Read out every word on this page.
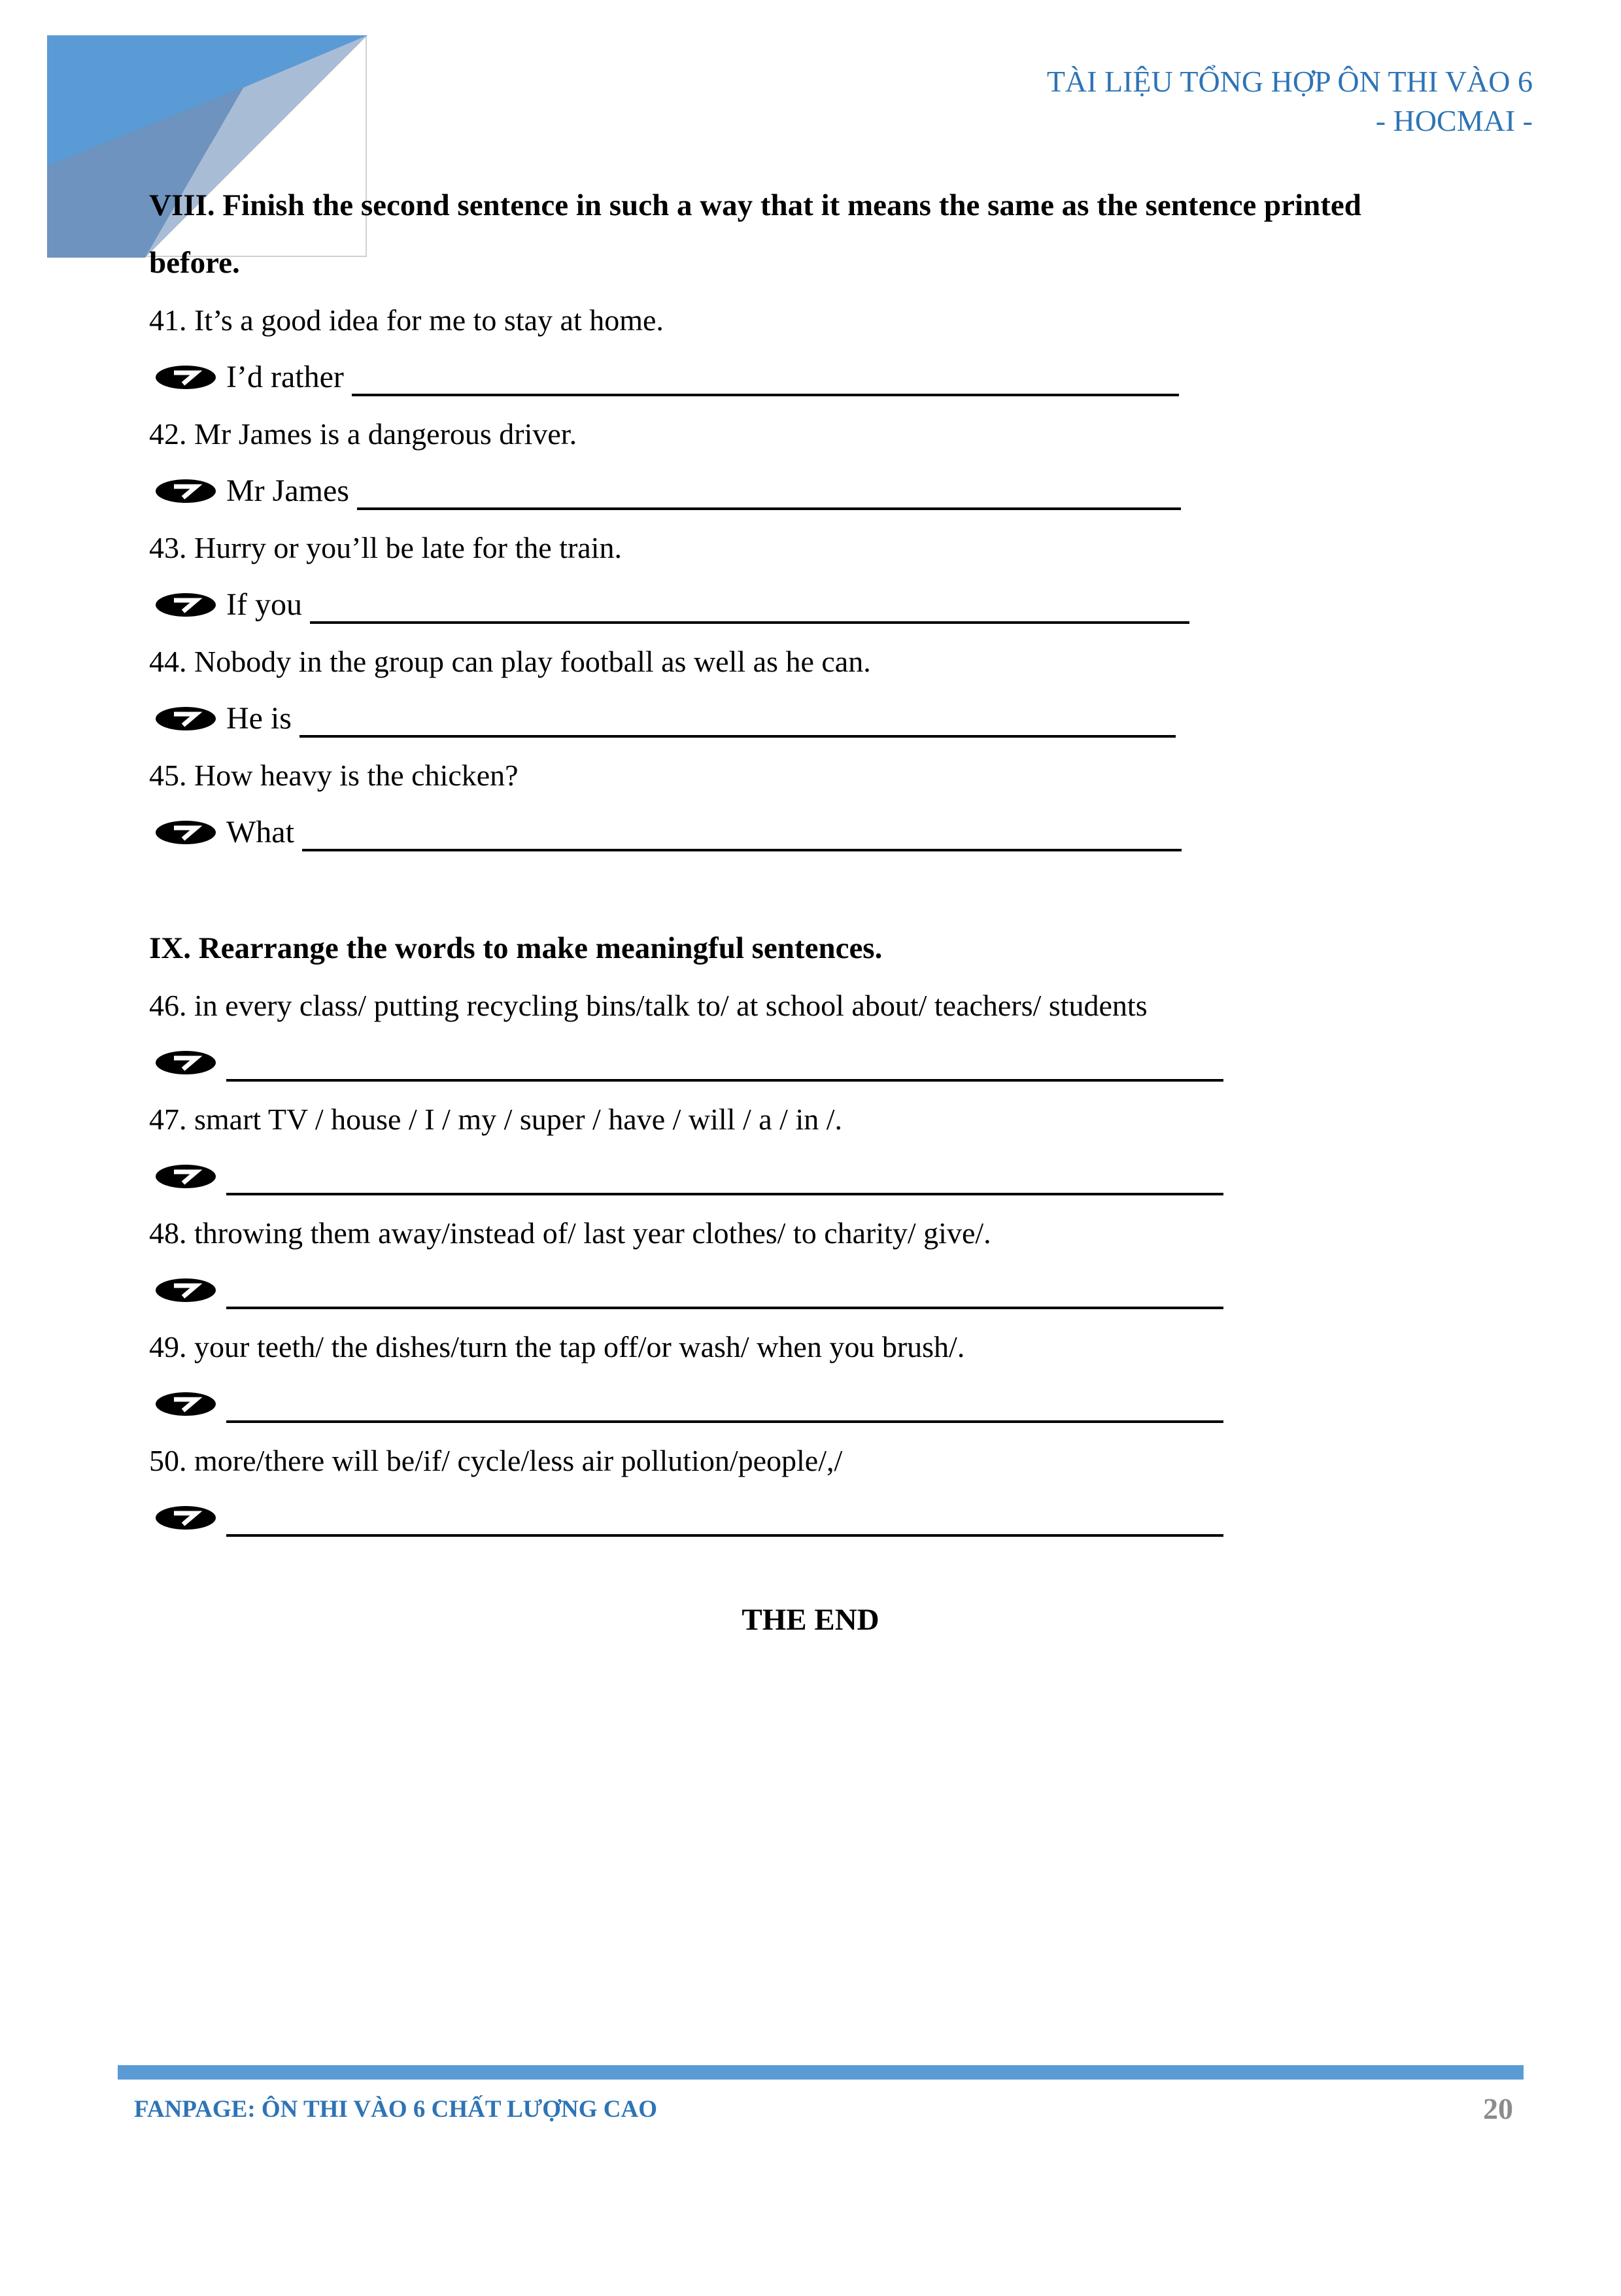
TÀI LIỆU TỔNG HỢP ÔN THI VÀO 6
- HOCMAI -

VIII. Finish the second sentence in such a way that it means the same as the sentence printed

before.

41. It’s a good idea for me to stay at home.
I’d rather
42. Mr James is a dangerous driver.
Mr James
43. Hurry or you’ll be late for the train.
If you
44. Nobody in the group can play football as well as he can.
He is
45. How heavy is the chicken?
What

IX. Rearrange the words to make meaningful sentences.

46. in every class/ putting recycling bins/talk to/ at school about/ teachers/ students
47. smart TV / house / I / my / super / have / will / a / in /.
48. throwing them away/instead of/ last year clothes/ to charity/ give/.
49. your teeth/ the dishes/turn the tap off/or wash/ when you brush/.
50. more/there will be/if/ cycle/less air pollution/people/,/
THE END
FANPAGE: ÔN THI VÀO 6 CHẤT LƯỢNG CAO	20
